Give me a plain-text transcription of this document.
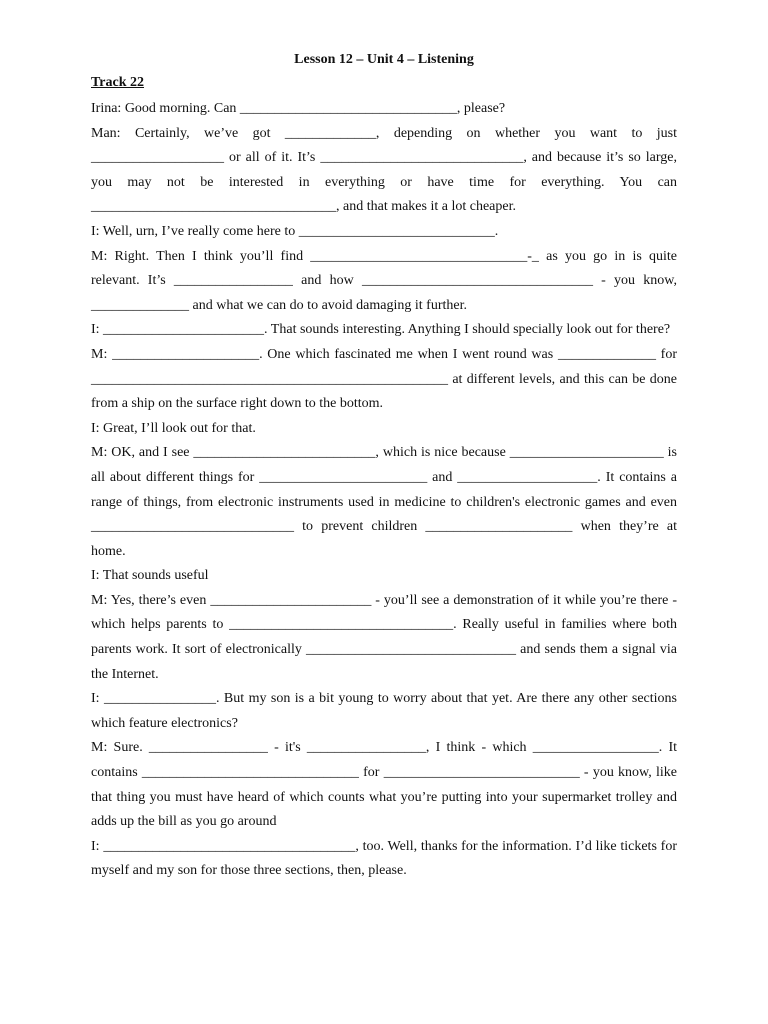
Lesson 12 – Unit 4 – Listening
Track 22

Irina: Good morning. Can _______________________________, please?

Man: Certainly, we’ve got _____________, depending on whether you want to just ___________________ or all of it. It’s _____________________________, and because it’s so large, you may not be interested in everything or have time for everything. You can ___________________________________, and that makes it a lot cheaper.

I: Well, urn, I’ve really come here to ____________________________.

M: Right. Then I think you’ll find _______________________________-_ as you go in is quite relevant. It’s _________________ and how _________________________________ - you know, ______________ and what we can do to avoid damaging it further.

I: _______________________. That sounds interesting. Anything I should specially look out for there?

M: _____________________. One which fascinated me when I went round was ______________ for ___________________________________________________ at different levels, and this can be done from a ship on the surface right down to the bottom.

I: Great, I’ll look out for that.

M: OK, and I see __________________________, which is nice because ______________________ is all about different things for ________________________ and ____________________. It contains a range of things, from electronic instruments used in medicine to children's electronic games and even _____________________________ to prevent children _____________________ when they’re at home.

I: That sounds useful

M: Yes, there’s even _______________________ - you’ll see a demonstration of it while you’re there - which helps parents to ________________________________. Really useful in families where both parents work. It sort of electronically ______________________________ and sends them a signal via the Internet.

I: ________________. But my son is a bit young to worry about that yet. Are there any other sections which feature electronics?

M: Sure. _________________ - it's _________________, I think - which __________________. It contains _______________________________ for ____________________________ - you know, like that thing you must have heard of which counts what you’re putting into your supermarket trolley and adds up the bill as you go around

I: ____________________________________, too. Well, thanks for the information. I’d like tickets for myself and my son for those three sections, then, please.
